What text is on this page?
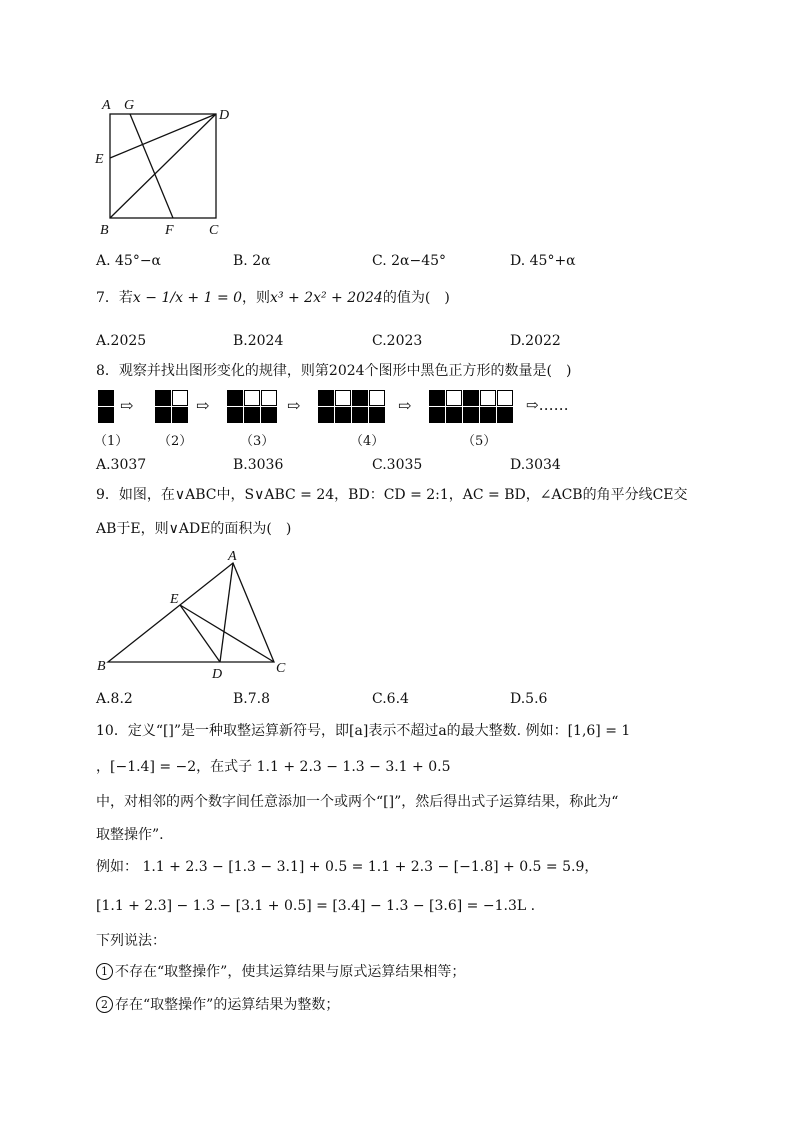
A G
D
E
B	F	C
A. 45°−α	B. 2α	C. 2α−45°	D. 45°+α
7．若x − 1/x + 1 = 0，则x³ + 2x² + 2024的值为(　)
A.2025	B.2024	C.2023	D.2022
8．观察并找出图形变化的规律，则第2024个图形中黑色正方形的数量是(　)
⇨	⇨	⇨	⇨	⇨……
（1） （2）	（3）	（4）	（5）
A.3037	B.3036	C.3035	D.3034
9．如图，在∨ABC中，S∨ABC = 24，BD：CD = 2:1，AC = BD，∠ACB的角平分线CE交
AB于E，则∨ADE的面积为(　)
A
E
B
D	C
A.8.2	B.7.8	C.6.4	D.5.6
10．定义“[]”是一种取整运算新符号，即[a]表示不超过a的最大整数. 例如：[1,6] = 1
，[−1.4] = −2，在式子 1.1 + 2.3 − 1.3 − 3.1 + 0.5
中，对相邻的两个数字间任意添加一个或两个“[]”，然后得出式子运算结果，称此为“
取整操作”.
例如： 1.1 + 2.3 − [1.3 − 3.1] + 0.5 = 1.1 + 2.3 − [−1.8] + 0.5 = 5.9，
[1.1 + 2.3] − 1.3 − [3.1 + 0.5] = [3.4] − 1.3 − [3.6] = −1.3L .
下列说法：
1 不存在“取整操作”，使其运算结果与原式运算结果相等；
2 存在“取整操作”的运算结果为整数；
